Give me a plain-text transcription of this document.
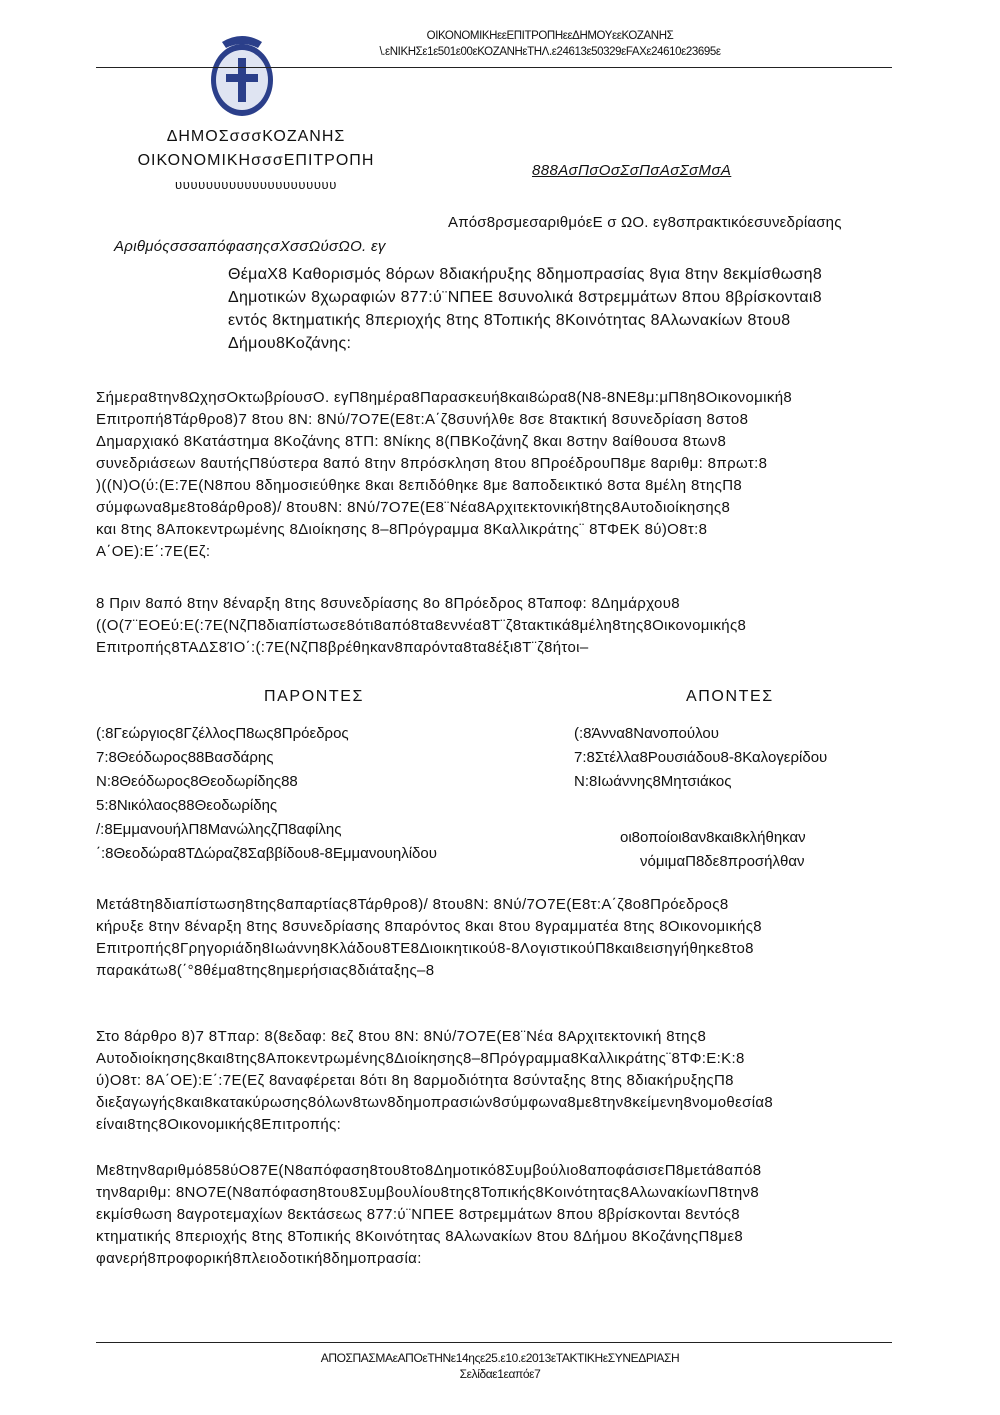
ΟΙΚΟΝΟΜΙΚΗεεΕΠΙΤΡΟΠΗεεΔΗΜΟΥεεΚΟΖΑΝΗΣ
\.εΝΙΚΗΣε1ε501ε00εΚΟΖΑΝΗεΤΗΛ.ε24613ε50329εFAXε24610ε23695ε
ΔΗΜΟΣσσσΚΟΖΑΝΗΣ
ΟΙΚΟΝΟΜΙΚΗσσσΕΠΙΤΡΟΠΗ
υυυυυυυυυυυυυυυυυυυυυ
888ΑσΠσΟσΣσΠσΑσΣσΜσΑ
Απόσ8ρσμεσαριθμόεΕ σ ΩΟ. εγ8σπρακτικόεσυνεδρίασης
ΑριθμόςσσσαπόφασηςσΧσσΩύσΩΟ. εγ
ΘέμαΧ8 Καθορισμός 8όρων 8διακήρυξης 8δημοπρασίας 8για 8την 8εκμίσθωση8
Δημοτικών 8χωραφιών 877:ύ¨ΝΠΕΕ 8συνολικά 8στρεμμάτων 8που 8βρίσκονται8
εντός 8κτηματικής 8περιοχής 8της 8Τοπικής 8Κοινότητας 8Αλωνακίων 8του8
Δήμου8Κοζάνης:
Σήμερα8την8ΩχησΟκτωβρίουσΟ. εγΠ8ημέρα8Παρασκευή8και8ώρα8(Ν8-8ΝΕ8μ:μΠ8η8Οικονομική8
Επιτροπή8Τάρθρο8)7 8του 8Ν: 8Νύ/7Ο7Ε(Ε8τ:Α΄ζ8συνήλθε 8σε 8τακτική 8συνεδρίαση 8στο8
Δημαρχιακό 8Κατάστημα 8Κοζάνης 8ΤΠ: 8Νίκης 8(ΠΒΚοζάνηζ 8και 8στην 8αίθουσα 8των8
συνεδριάσεων 8αυτήςΠ8ύστερα 8από 8την 8πρόσκληση 8του 8ΠροέδρουΠ8με 8αριθμ: 8πρωτ:8
)((Ν)Ο(ύ:(Ε:7Ε(Ν8που 8δημοσιεύθηκε 8και 8επιδόθηκε 8με 8αποδεικτικό 8στα 8μέλη 8τηςΠ8
σύμφωνα8με8το8άρθρο8)/ 8του8Ν: 8Νύ/7Ο7Ε(Ε8¨Νέα8Αρχιτεκτονική8της8Αυτοδιοίκησης8
και 8της 8Αποκεντρωμένης 8Διοίκησης 8–8Πρόγραμμα 8Καλλικράτης¨ 8ΤΦΕΚ 8ύ)Ο8τ:8
Α΄ΟΕ):Ε΄:7Ε(Εζ:
8 Πριν 8από 8την 8έναρξη 8της 8συνεδρίασης 8ο 8Πρόεδρος 8Ταποφ: 8Δημάρχου8
((Ο(7¨ΕΟΕύ:Ε(:7Ε(ΝζΠ8διαπίστωσε8ότι8από8τα8εννέα8Τ¨ζ8τακτικά8μέλη8της8Οικονομικής8
Επιτροπής8ΤΑΔΣ8ΊΟ΄:(:7Ε(ΝζΠ8βρέθηκαν8παρόντα8τα8έξι8Τ¨ζ8ήτοι–
ΠΑΡΟΝΤΕΣ	ΑΠΟΝΤΕΣ
(:8Γεώργιος8ΓζέλλοςΠ8ως8Πρόεδρος
7:8Θεόδωρος88Βασδάρης
Ν:8Θεόδωρος8Θεοδωρίδης88
5:8Νικόλαος88Θεοδωρίδης
/:8ΕμμανουήλΠ8ΜανώληςζΠ8αφίλης
΄:8Θεοδώρα8ΤΔώραζ8Σαββίδου8-8Εμμανουηλίδου
(:8Άννα8Νανοπούλου
7:8Στέλλα8Ρουσιάδου8-8Καλογερίδου
Ν:8Ιωάννης8Μητσιάκος
οι8οποίοι8αν8και8κλήθηκαν
νόμιμαΠ8δε8προσήλθαν
Μετά8τη8διαπίστωση8της8απαρτίας8Τάρθρο8)/ 8του8Ν: 8Νύ/7Ο7Ε(Ε8τ:Α΄ζ8ο8Πρόεδρος8
κήρυξε 8την 8έναρξη 8της 8συνεδρίασης 8παρόντος 8και 8του 8γραμματέα 8της 8Οικονομικής8
Επιτροπής8Γρηγοριάδη8Ιωάννη8Κλάδου8ΤΕ8Διοικητικού8-8ΛογιστικούΠ8και8εισηγήθηκε8το8
παρακάτω8(΄°8θέμα8της8ημερήσιας8διάταξης–8
Στο 8άρθρο 8)7 8Τπαρ: 8(8εδαφ: 8εζ 8του 8Ν: 8Νύ/7Ο7Ε(Ε8¨Νέα 8Αρχιτεκτονική 8της8
Αυτοδιοίκησης8και8της8Αποκεντρωμένης8Διοίκησης8–8Πρόγραμμα8Καλλικράτης¨8ΤΦ:Ε:Κ:8
ύ)Ο8τ: 8Α΄ΟΕ):Ε΄:7Ε(Εζ 8αναφέρεται 8ότι 8η 8αρμοδιότητα 8σύνταξης 8της 8διακήρυξηςΠ8
διεξαγωγής8και8κατακύρωσης8όλων8των8δημοπρασιών8σύμφωνα8με8την8κείμενη8νομοθεσία8
είναι8της8Οικονομικής8Επιτροπής:
Με8την8αριθμό858ύΟ87Ε(Ν8απόφαση8του8το8Δημοτικό8Συμβούλιο8αποφάσισεΠ8μετά8από8
την8αριθμ: 8ΝΟ7Ε(Ν8απόφαση8του8Συμβουλίου8της8Τοπικής8Κοινότητας8ΑλωνακίωνΠ8την8
εκμίσθωση 8αγροτεμαχίων 8εκτάσεως 877:ύ¨ΝΠΕΕ 8στρεμμάτων 8που 8βρίσκονται 8εντός8
κτηματικής 8περιοχής 8της 8Τοπικής 8Κοινότητας 8Αλωνακίων 8του 8Δήμου 8ΚοζάνηςΠ8με8
φανερή8προφορική8πλειοδοτική8δημοπρασία:
ΑΠΟΣΠΑΣΜΑεΑΠΟεΤΗΝε14ηςε25.ε10.ε2013εΤΑΚΤΙΚΗεΣΥΝΕΔΡΙΑΣΗ
Σελίδαε1εαπόε7
